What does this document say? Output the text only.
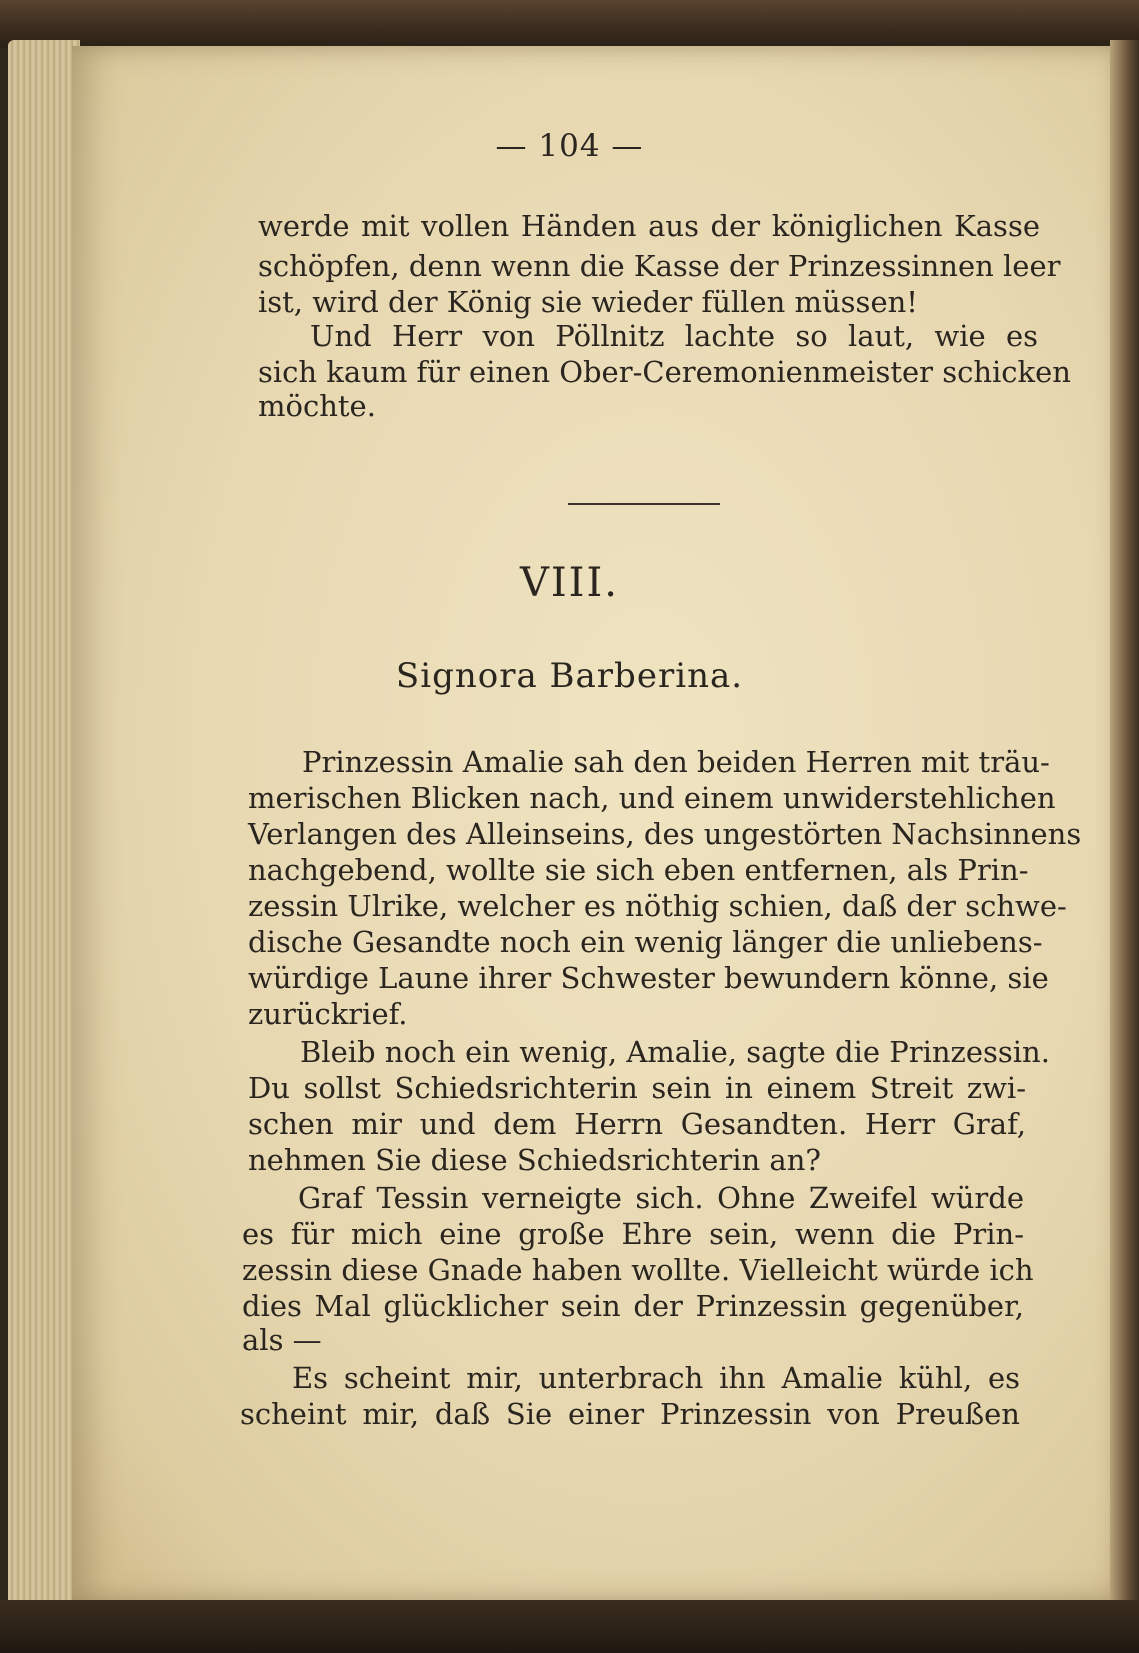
— 104 —
werde mit vollen Händen aus der königlichen Kasse
schöpfen, denn wenn die Kasse der Prinzessinnen leer
ist, wird der König sie wieder füllen müssen!
Und Herr von Pöllnitz lachte so laut, wie es
sich kaum für einen Ober-Ceremonienmeister schicken
möchte.
VIII.
Signora Barberina.
Prinzessin Amalie sah den beiden Herren mit träu-
merischen Blicken nach, und einem unwiderstehlichen
Verlangen des Alleinseins, des ungestörten Nachsinnens
nachgebend, wollte sie sich eben entfernen, als Prin-
zessin Ulrike, welcher es nöthig schien, daß der schwe-
dische Gesandte noch ein wenig länger die unliebens-
würdige Laune ihrer Schwester bewundern könne, sie
zurückrief.
Bleib noch ein wenig, Amalie, sagte die Prinzessin.
Du sollst Schiedsrichterin sein in einem Streit zwi-
schen mir und dem Herrn Gesandten. Herr Graf,
nehmen Sie diese Schiedsrichterin an?
Graf Tessin verneigte sich. Ohne Zweifel würde
es für mich eine große Ehre sein, wenn die Prin-
zessin diese Gnade haben wollte. Vielleicht würde ich
dies Mal glücklicher sein der Prinzessin gegenüber,
als —
Es scheint mir, unterbrach ihn Amalie kühl, es
scheint mir, daß Sie einer Prinzessin von Preußen
